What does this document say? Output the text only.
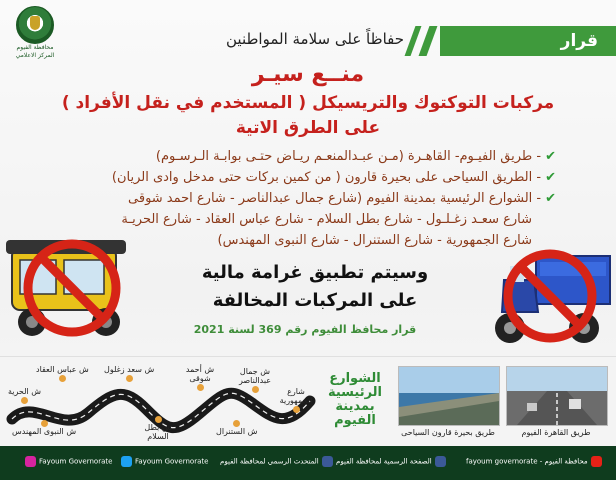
محافظة الفيوم
المركز الاعلامي
قرار
حفاظاً على سلامة المواطنين
منــع سيـر
مركبات التوكتوك والتريسيكل ( المستخدم في نقل الأفراد )
على الطرق الاتية
✔- طريق الفيـوم- القاهـرة (مـن عبـدالمنعـم ريـاض حتـى بوابـة الـرسـوم)
✔- الطريق السياحى على بحيرة قارون ( من كمين بركات حتى مدخل وادى الريان)
✔- الشوارع الرئيسية بمدينة الفيوم (شارع جمال عبدالناصر - شارع احمد شوقى
شارع سعـد زغـلـول - شارع بطل السلام - شارع عباس العقاد - شارع الحريـة
شارع الجمهورية - شارع الستنرال - شارع النبوى المهندس)
وسيتم تطبيق غرامة مالية
على المركبات المخالفة
قرار محافظ الفيوم رقم 369 لسنة 2021
ش الحرية
ش عباس العقاد ش سعد زغلول	ش أحمد شوقى
ش جمال عبدالناصر
شارع الجمهورية
ش النبوى المهندس	ش بطل السلام
ش الستنرال
الشوارع الرئيسية بمدينة الفيوم
طريق بحيرة قارون السياحى	طريق القاهرة الفيوم
Fayoum Governorate	Fayoum Governorate المتحدث الرسمي لمحافظة الفيوم	الصفحة الرسمية لمحافظة الفيوم	محافظة الفيوم - fayoum governorate
